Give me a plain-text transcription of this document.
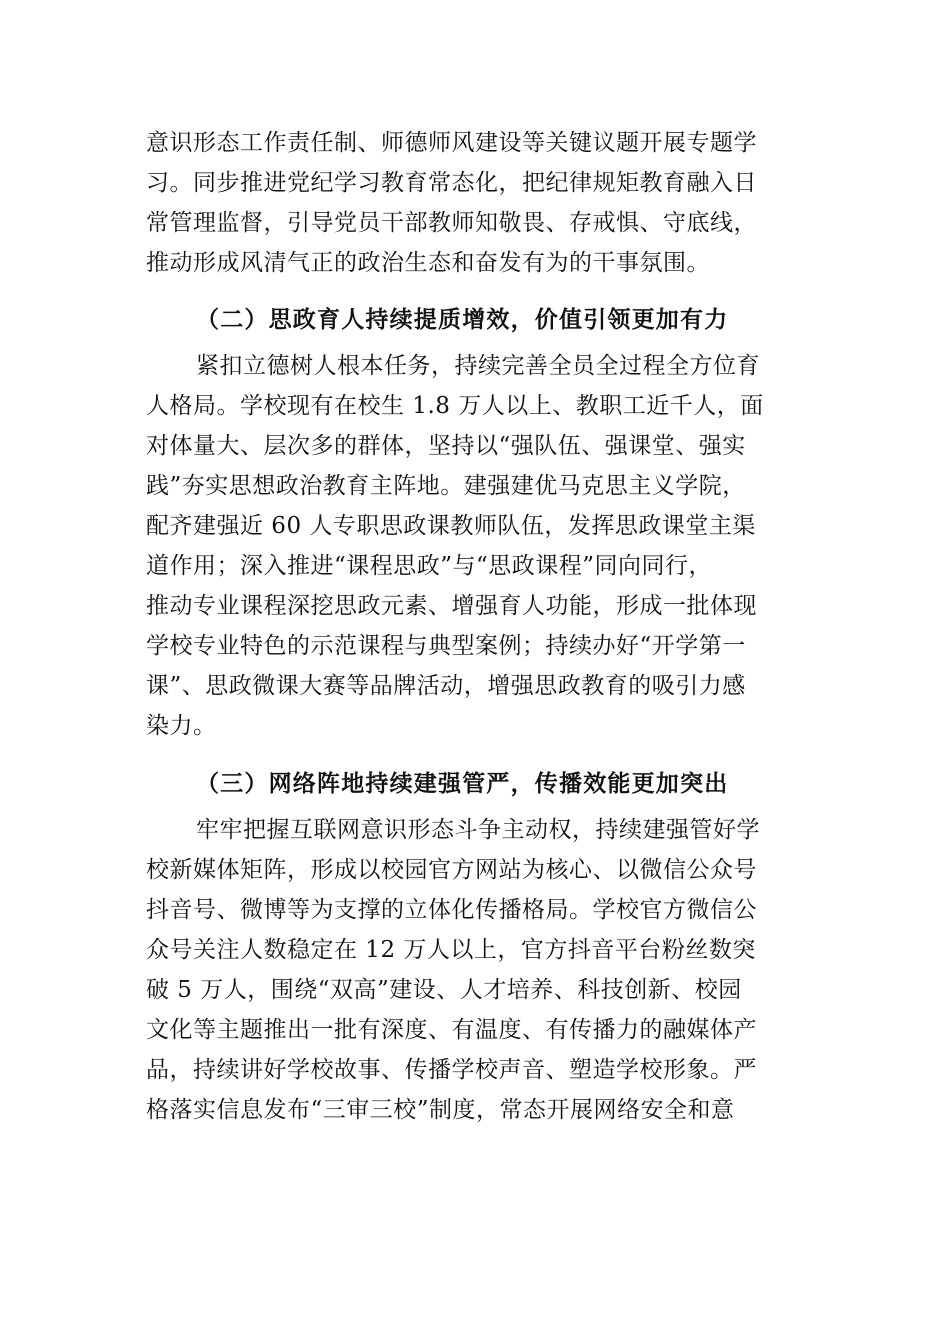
意识形态工作责任制、师德师风建设等关键议题开展专题学
习。同步推进党纪学习教育常态化，把纪律规矩教育融入日
常管理监督，引导党员干部教师知敬畏、存戒惧、守底线，
推动形成风清气正的政治生态和奋发有为的干事氛围。
（二）思政育人持续提质增效，价值引领更加有力
紧扣立德树人根本任务，持续完善全员全过程全方位育
人格局。学校现有在校生 1.8 万人以上、教职工近千人，面
对体量大、层次多的群体，坚持以“强队伍、强课堂、强实
践”夯实思想政治教育主阵地。建强建优马克思主义学院，
配齐建强近 60 人专职思政课教师队伍，发挥思政课堂主渠
道作用；深入推进“课程思政”与“思政课程”同向同行，
推动专业课程深挖思政元素、增强育人功能，形成一批体现
学校专业特色的示范课程与典型案例；持续办好“开学第一
课”、思政微课大赛等品牌活动，增强思政教育的吸引力感
染力。
（三）网络阵地持续建强管严，传播效能更加突出
牢牢把握互联网意识形态斗争主动权，持续建强管好学
校新媒体矩阵，形成以校园官方网站为核心、以微信公众号
抖音号、微博等为支撑的立体化传播格局。学校官方微信公
众号关注人数稳定在 12 万人以上，官方抖音平台粉丝数突
破 5 万人，围绕“双高”建设、人才培养、科技创新、校园
文化等主题推出一批有深度、有温度、有传播力的融媒体产
品，持续讲好学校故事、传播学校声音、塑造学校形象。严
格落实信息发布“三审三校”制度，常态开展网络安全和意
